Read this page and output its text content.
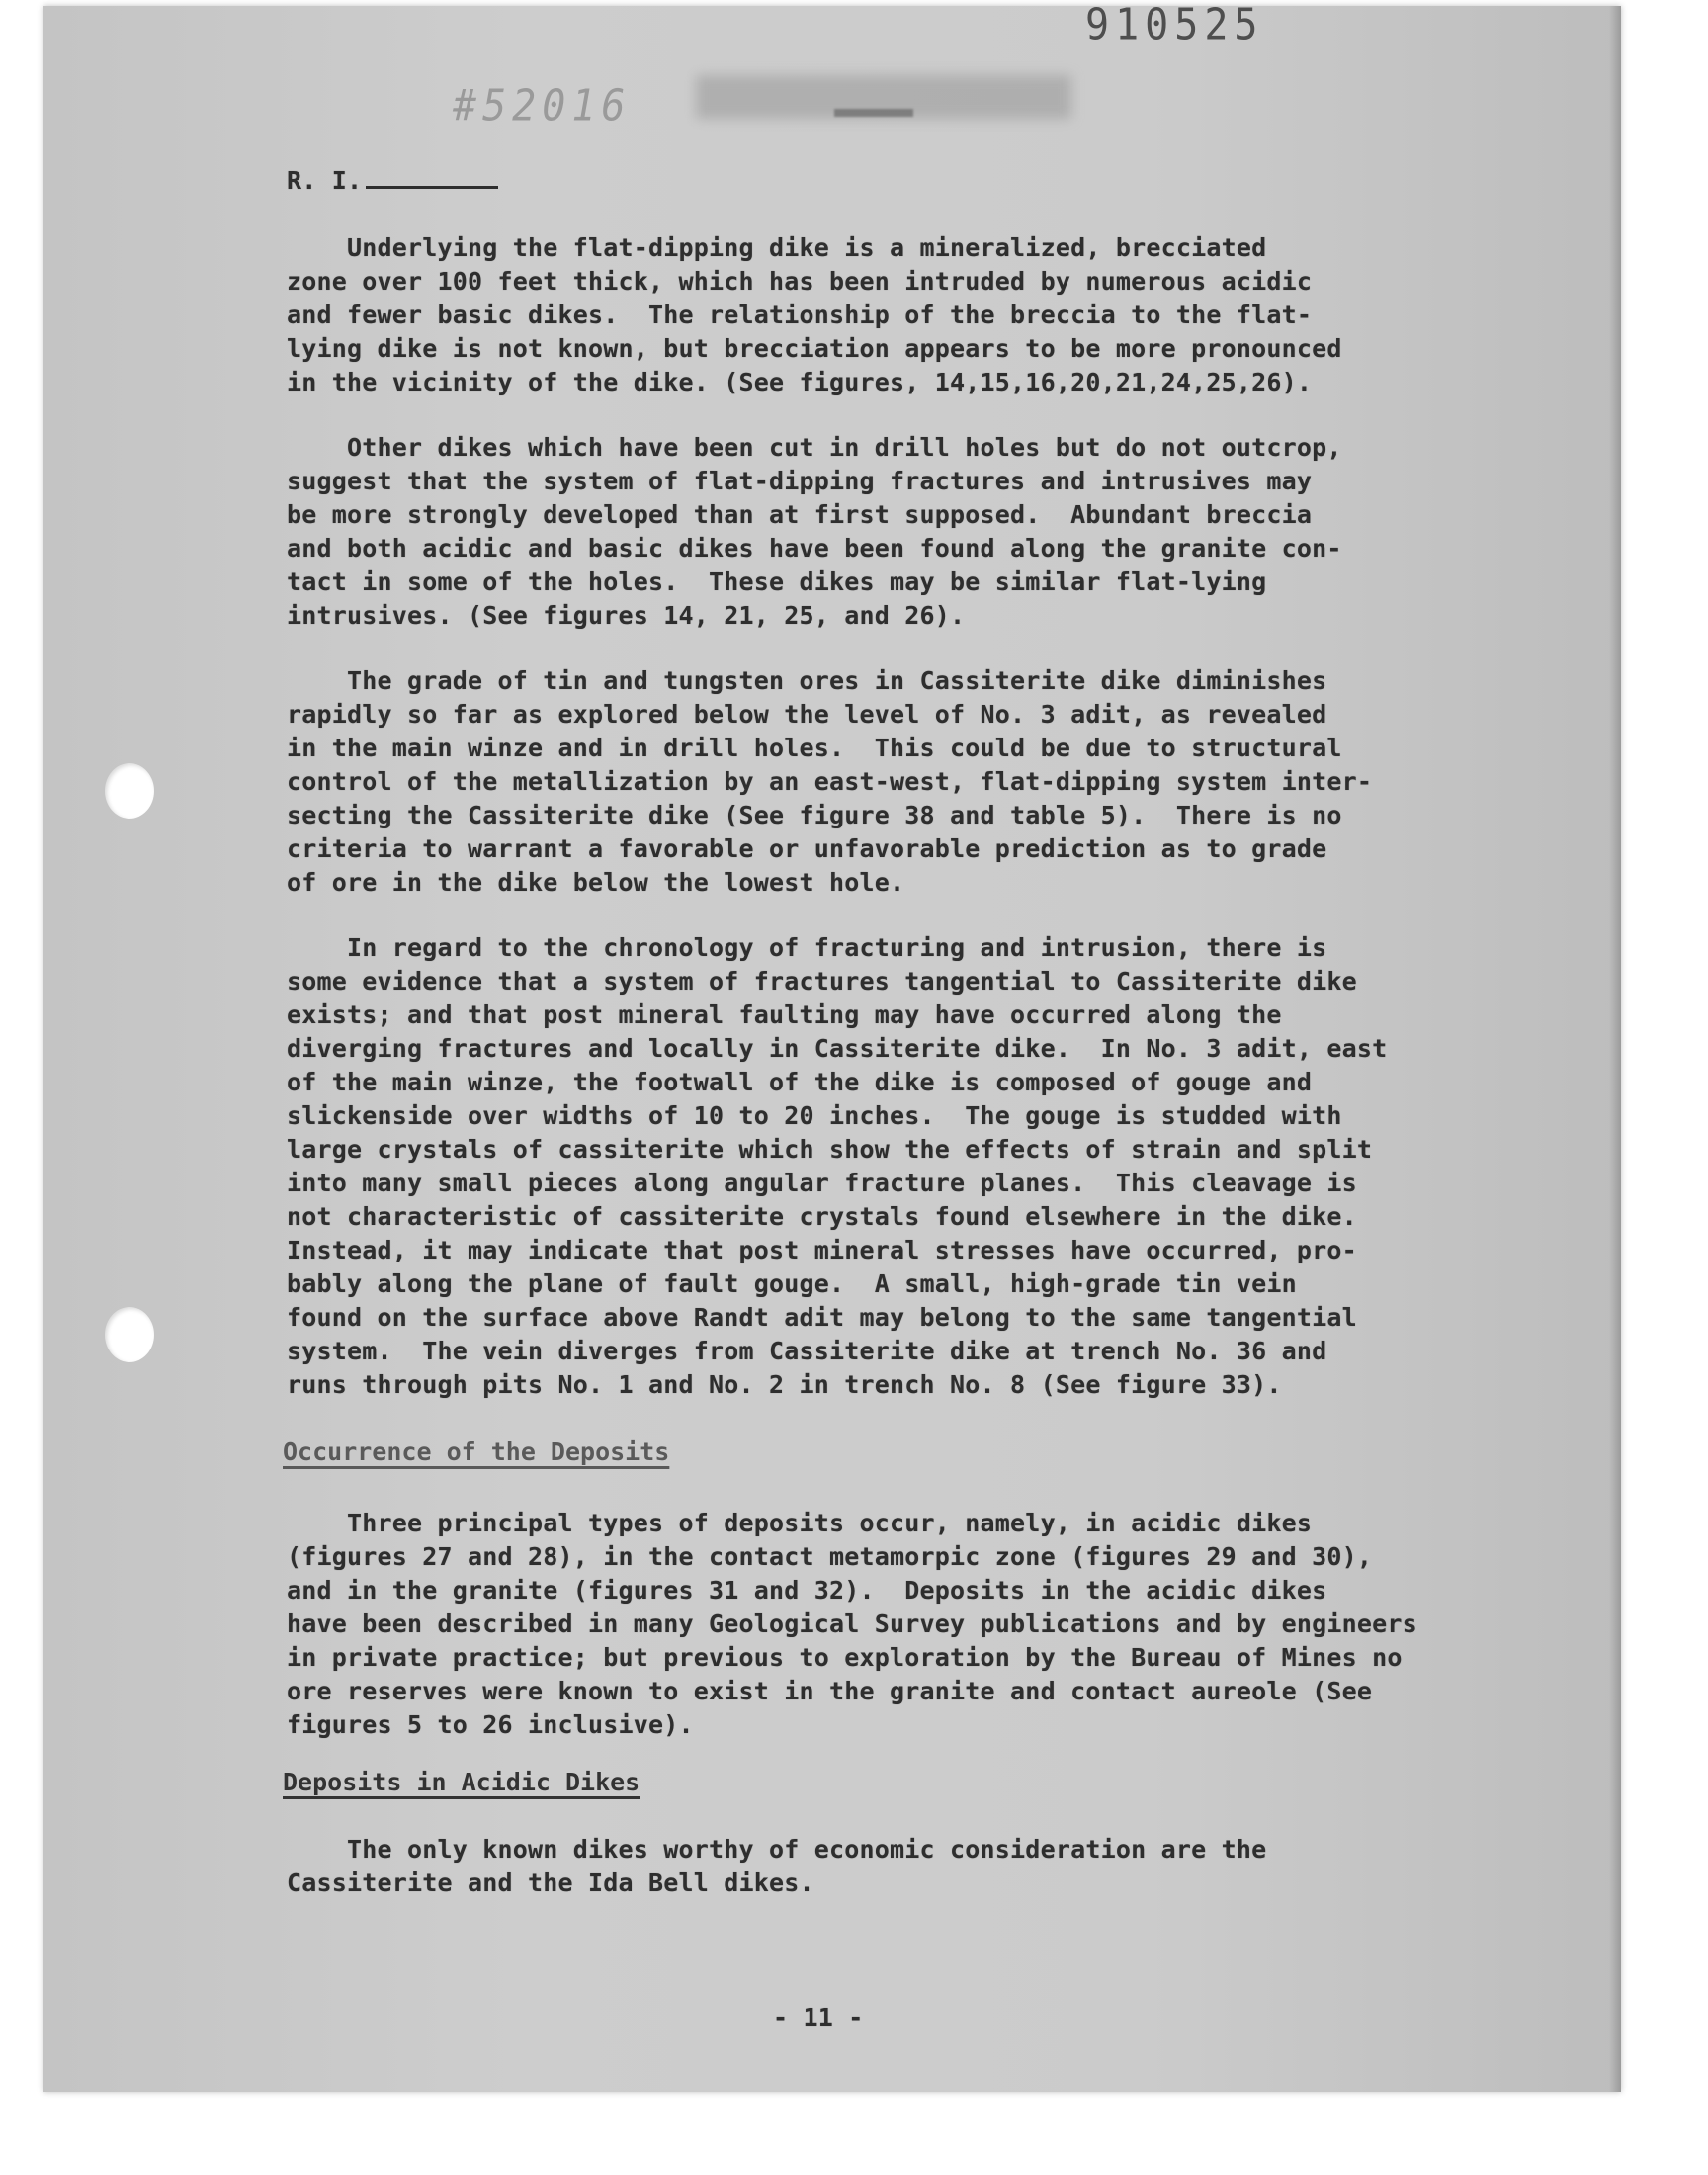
910525
#52016
R. I.
Underlying the flat-dipping dike is a mineralized, brecciated
zone over 100 feet thick, which has been intruded by numerous acidic
and fewer basic dikes.  The relationship of the breccia to the flat-
lying dike is not known, but brecciation appears to be more pronounced
in the vicinity of the dike. (See figures, 14,15,16,20,21,24,25,26).
Other dikes which have been cut in drill holes but do not outcrop,
suggest that the system of flat-dipping fractures and intrusives may
be more strongly developed than at first supposed.  Abundant breccia
and both acidic and basic dikes have been found along the granite con-
tact in some of the holes.  These dikes may be similar flat-lying
intrusives. (See figures 14, 21, 25, and 26).
The grade of tin and tungsten ores in Cassiterite dike diminishes
rapidly so far as explored below the level of No. 3 adit, as revealed
in the main winze and in drill holes.  This could be due to structural
control of the metallization by an east-west, flat-dipping system inter-
secting the Cassiterite dike (See figure 38 and table 5).  There is no
criteria to warrant a favorable or unfavorable prediction as to grade
of ore in the dike below the lowest hole.
In regard to the chronology of fracturing and intrusion, there is
some evidence that a system of fractures tangential to Cassiterite dike
exists; and that post mineral faulting may have occurred along the
diverging fractures and locally in Cassiterite dike.  In No. 3 adit, east
of the main winze, the footwall of the dike is composed of gouge and
slickenside over widths of 10 to 20 inches.  The gouge is studded with
large crystals of cassiterite which show the effects of strain and split
into many small pieces along angular fracture planes.  This cleavage is
not characteristic of cassiterite crystals found elsewhere in the dike.
Instead, it may indicate that post mineral stresses have occurred, pro-
bably along the plane of fault gouge.  A small, high-grade tin vein
found on the surface above Randt adit may belong to the same tangential
system.  The vein diverges from Cassiterite dike at trench No. 36 and
runs through pits No. 1 and No. 2 in trench No. 8 (See figure 33).
Occurrence of the Deposits
Three principal types of deposits occur, namely, in acidic dikes
(figures 27 and 28), in the contact metamorpic zone (figures 29 and 30),
and in the granite (figures 31 and 32).  Deposits in the acidic dikes
have been described in many Geological Survey publications and by engineers
in private practice; but previous to exploration by the Bureau of Mines no
ore reserves were known to exist in the granite and contact aureole (See
figures 5 to 26 inclusive).
Deposits in Acidic Dikes
The only known dikes worthy of economic consideration are the
Cassiterite and the Ida Bell dikes.
- 11 -
